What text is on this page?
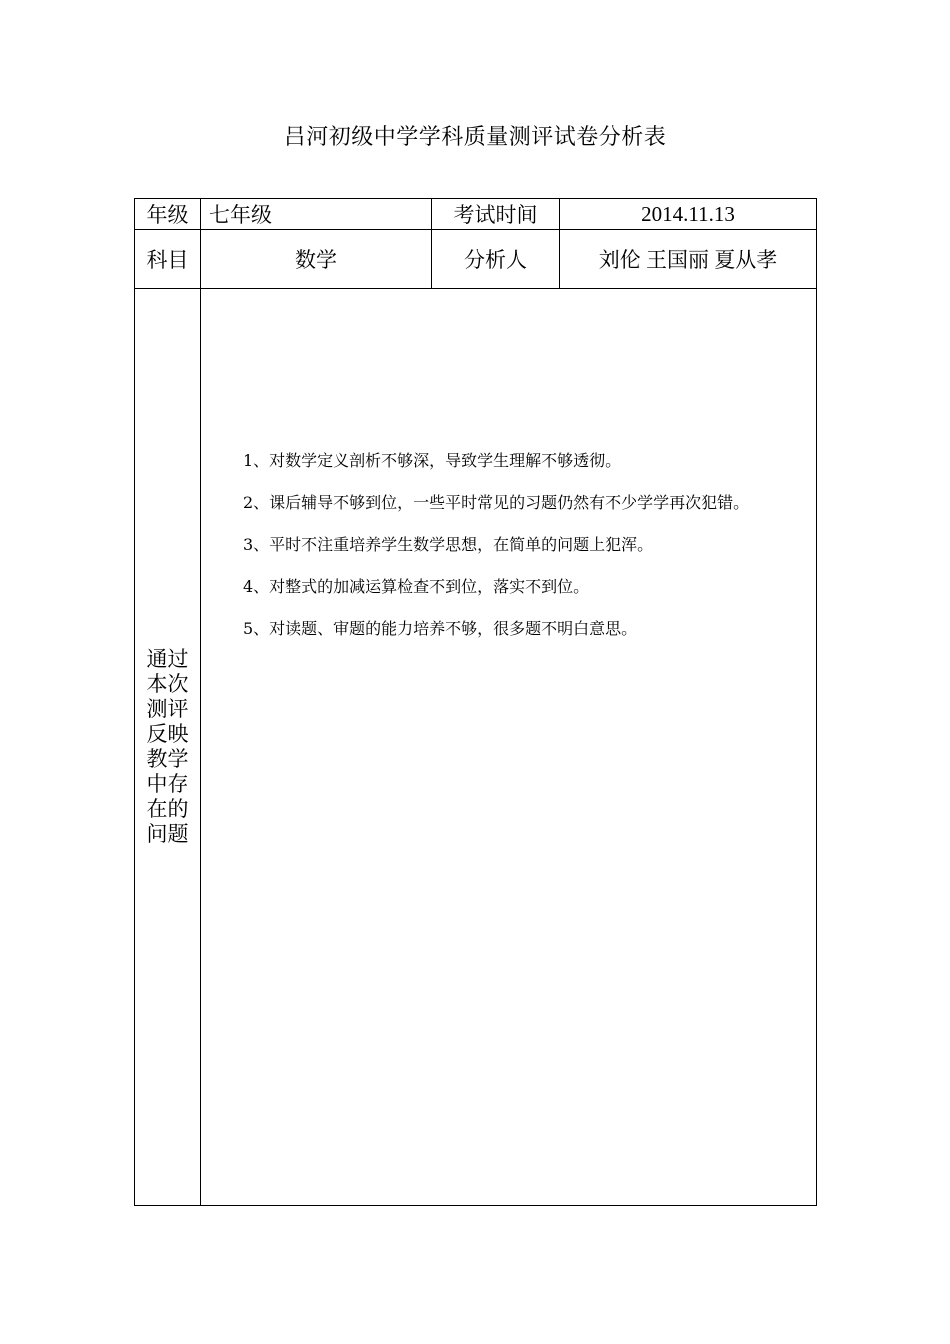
吕河初级中学学科质量测评试卷分析表
年级	七年级	考试时间	2014.11.13
科目	数学	分析人	刘伦 王国丽 夏从孝
通过本次测评反映教学中存在的问题	1、对数学定义剖析不够深，导致学生理解不够透彻。

2、课后辅导不够到位，一些平时常见的习题仍然有不少学学再次犯错。

3、平时不注重培养学生数学思想，在简单的问题上犯浑。

4、对整式的加减运算检查不到位，落实不到位。

5、对读题、审题的能力培养不够，很多题不明白意思。		
